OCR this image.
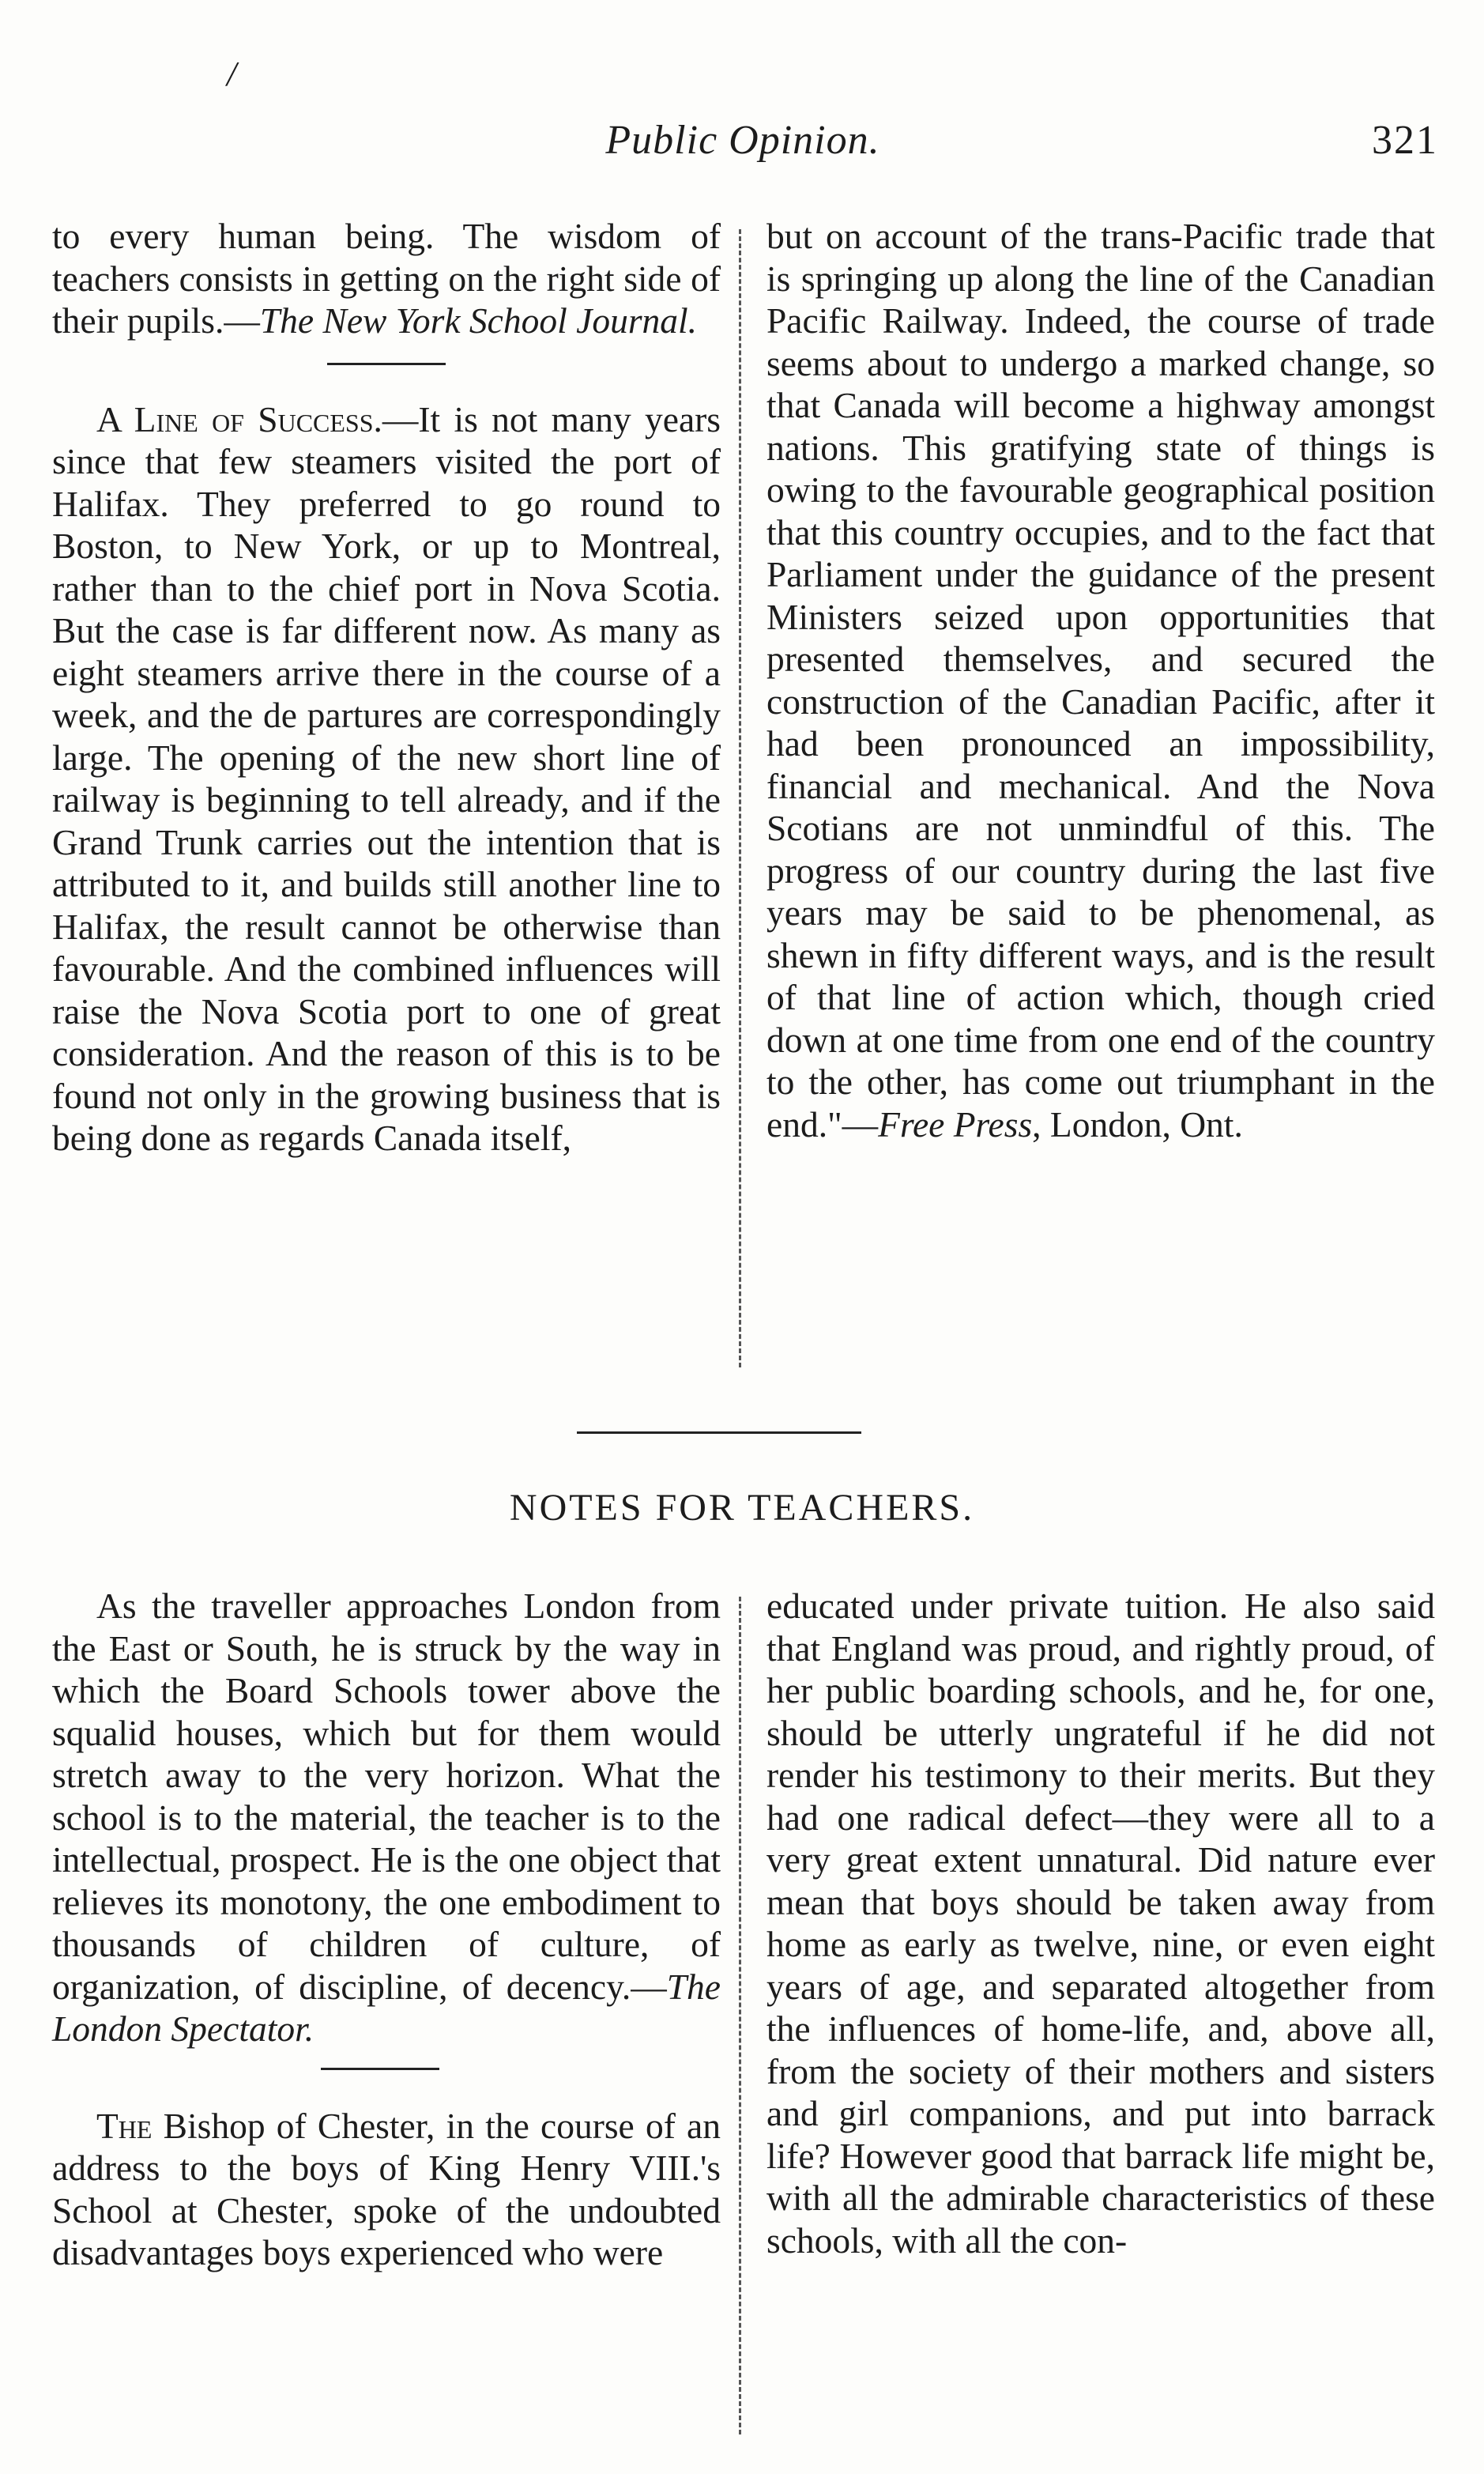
/
Public Opinion.	321

to every human being. The wisdom of teachers consists in getting on the right side of their pupils.—The New York School Journal.

A Line of Success.—It is not many years since that few steamers visited the port of Halifax. They preferred to go round to Boston, to New York, or up to Montreal, rather than to the chief port in Nova Scotia. But the case is far different now. As many as eight steamers arrive there in the course of a week, and the de partures are correspondingly large. The opening of the new short line of railway is beginning to tell already, and if the Grand Trunk carries out the intention that is attributed to it, and builds still another line to Halifax, the result cannot be otherwise than favourable. And the combined influences will raise the Nova Scotia port to one of great consideration. And the reason of this is to be found not only in the growing business that is being done as regards Canada itself,

but on account of the trans-Pacific trade that is springing up along the line of the Canadian Pacific Railway. Indeed, the course of trade seems about to undergo a marked change, so that Canada will become a highway amongst nations. This gratifying state of things is owing to the favourable geographical position that this country occupies, and to the fact that Parliament under the guidance of the present Ministers seized upon opportunities that presented themselves, and secured the construction of the Canadian Pacific, after it had been pronounced an impossibility, financial and mechanical. And the Nova Scotians are not unmindful of this. The progress of our country during the last five years may be said to be phenomenal, as shewn in fifty different ways, and is the result of that line of action which, though cried down at one time from one end of the country to the other, has come out triumphant in the end."—Free Press, London, Ont.

NOTES FOR TEACHERS.

As the traveller approaches London from the East or South, he is struck by the way in which the Board Schools tower above the squalid houses, which but for them would stretch away to the very horizon. What the school is to the material, the teacher is to the intellectual, prospect. He is the one object that relieves its monotony, the one embodiment to thousands of children of culture, of organization, of discipline, of decency.—The London Spectator.

The Bishop of Chester, in the course of an address to the boys of King Henry VIII.'s School at Chester, spoke of the undoubted disadvantages boys experienced who were

educated under private tuition. He also said that England was proud, and rightly proud, of her public boarding schools, and he, for one, should be utterly ungrateful if he did not render his testimony to their merits. But they had one radical defect—they were all to a very great extent unnatural. Did nature ever mean that boys should be taken away from home as early as twelve, nine, or even eight years of age, and separated altogether from the influences of home-life, and, above all, from the society of their mothers and sisters and girl companions, and put into barrack life? However good that barrack life might be, with all the admirable characteristics of these schools, with all the con-
